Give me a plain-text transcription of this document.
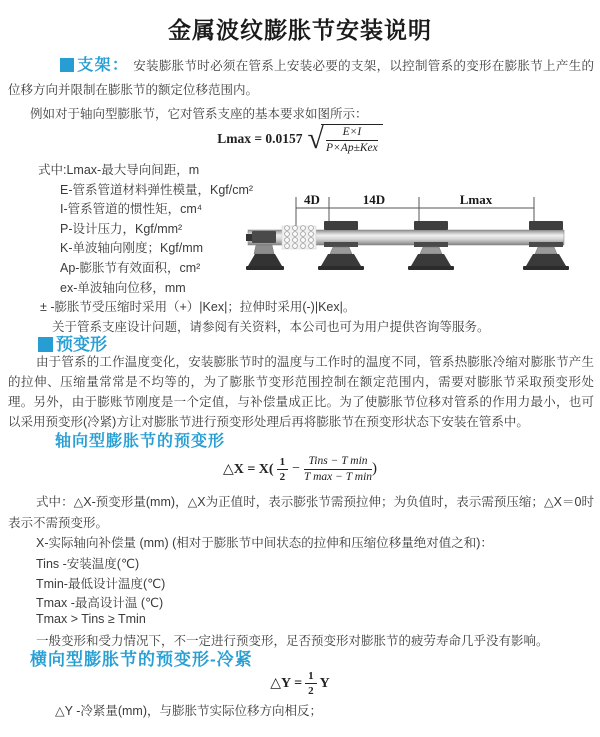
金属波纹膨胀节安装说明

支架： 安装膨胀节时必须在管系上安装必要的支架，以控制管系的变形在膨胀节上产生的位移方向并限制在膨胀节的额定位移范围内。

例如对于轴向型膨胀节，它对管系支座的基本要求如图所示：

Lmax = 0.0157 √ $\frac{E\times I}{\text{P×Ap±Kex}}$
式中:Lmax-最大导向间距，m
E-管系管道材料弹性模量，Kgf/cm²
I-管系管道的惯性矩，cm⁴
P-设计压力，Kgf/mm²
K-单波轴向刚度；Kgf/mm
Ap-膨胀节有效面积，cm²
ex-单波轴向位移，mm
± -膨胀节受压缩时采用（+）|Kex|；拉伸时采用(-)|Kex|。
关于管系支座设计问题，请参阅有关资料，本公司也可为用户提供咨询等服务。
4D	14D	Lmax
预变形

由于管系的工作温度变化，安装膨胀节时的温度与工作时的温度不同，管系热膨胀冷缩对膨胀节产生的拉伸、压缩量常常是不均等的，为了膨胀节变形范围控制在额定范围内，需要对膨胀节采取预变形处理。另外，由于膨账节刚度是一个定值，与补偿量成正比。为了使膨胀节位移对管系的作用力最小，也可以采用预变形(冷紧)方让对膨胀节进行预变形处理后再将膨胀节在预变形状态下安装在管系中。

轴向型膨胀节的预变形
△X = $X( \frac{1}{2} - \frac{\text{Tins − T min}}{\text{T max − T min}}$ )

式中：△X-预变形量(mm)，△X为正值时，表示膨张节需预拉伸；为负值时，表示需预压缩；△X＝0时表示不需预变形。

X-实际轴向补偿量 (mm) (相对于膨胀节中间状态的拉伸和压缩位移量绝对值之和)：
Tins -安装温度(℃)
Tmin-最低设计温度(℃)
Tmax -最高设计温 (℃)
Tmax > Tins ≥ Tmin
一般变形和受力情况下，不一定进行预变形，足否预变形对膨胀节的疲劳寿命几乎没有影响。
横向型膨胀节的预变形-冷紧
△Y = $\frac{1}{2}$ Y
△Y -冷紧量(mm)，与膨胀节实际位移方向相反；
